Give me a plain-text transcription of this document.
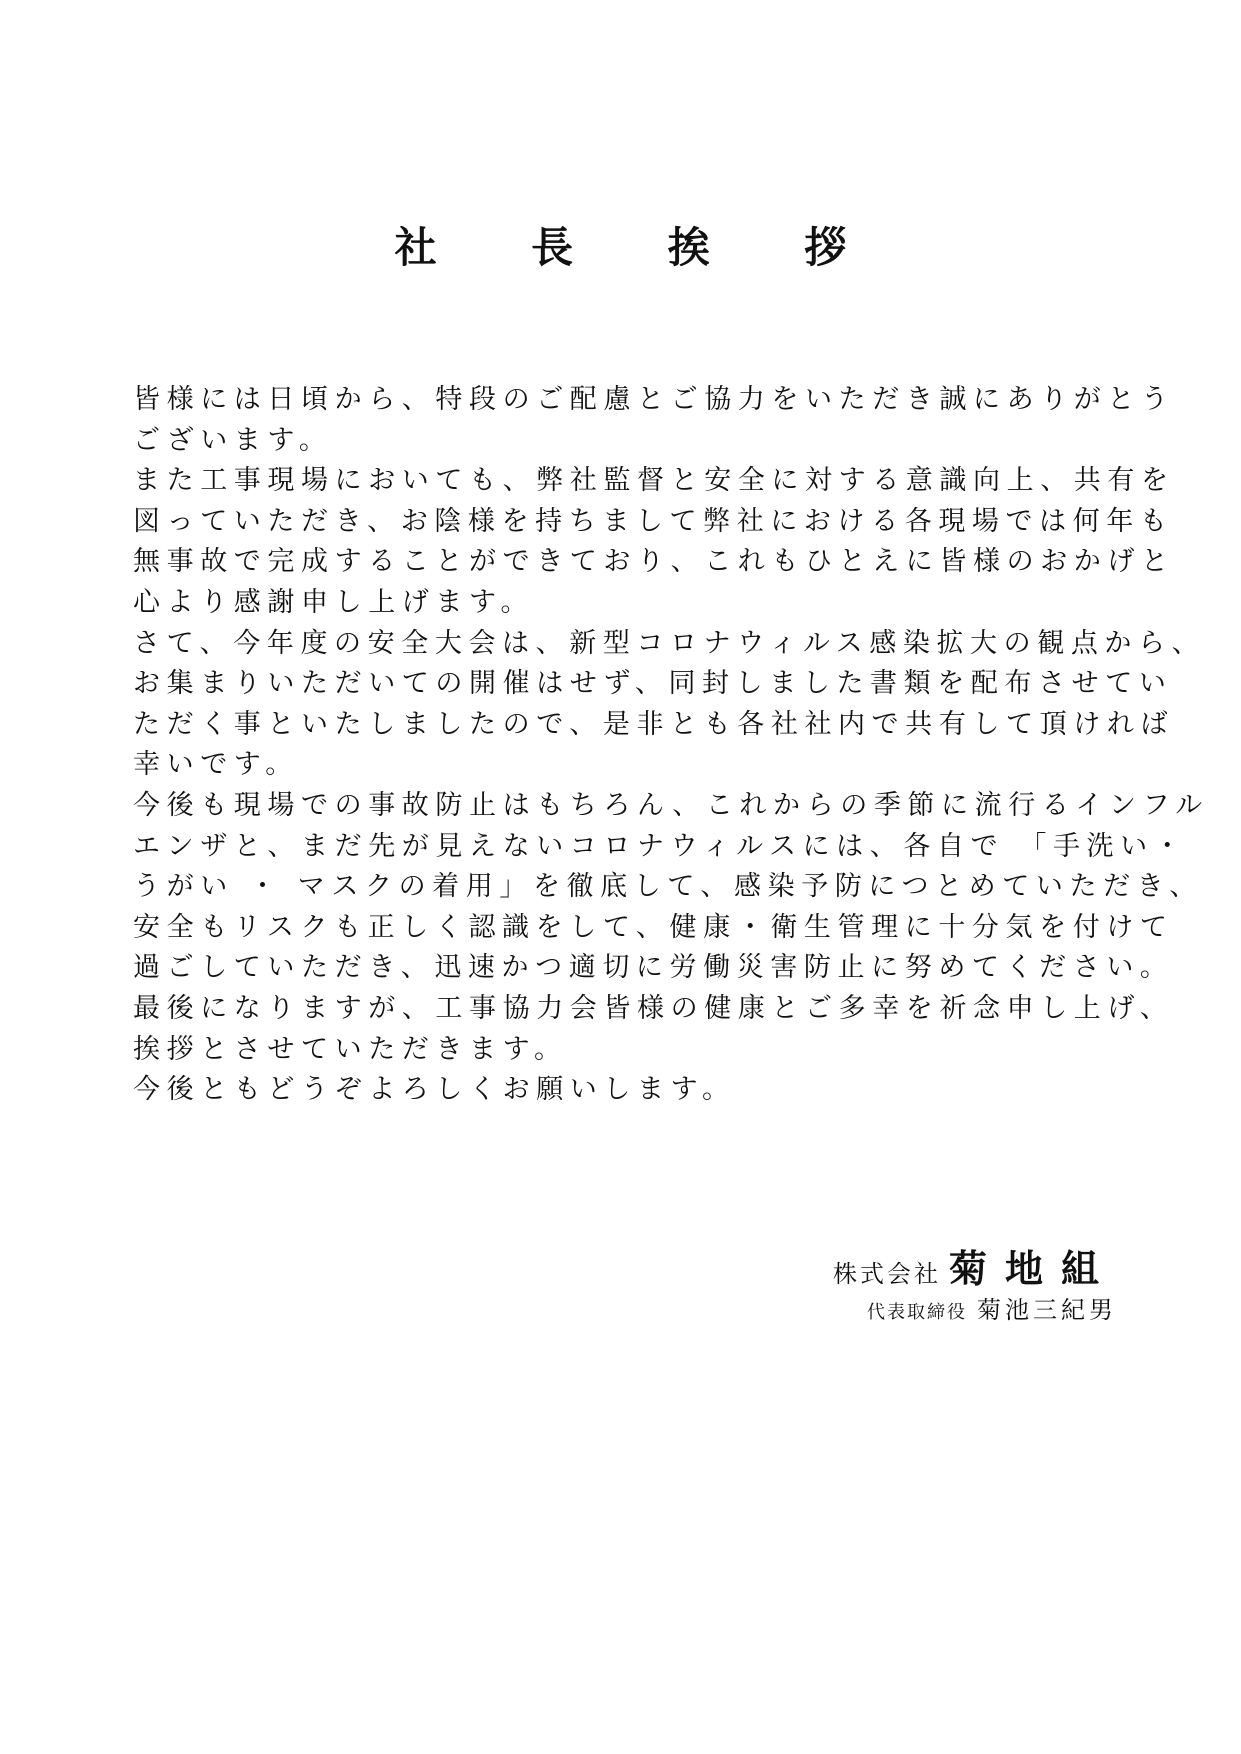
社 長 挨 拶
皆様には日頃から、特段のご配慮とご協力をいただき誠にありがとう
ございます。
また工事現場においても、弊社監督と安全に対する意識向上、共有を
図っていただき、お陰様を持ちまして弊社における各現場では何年も
無事故で完成することができており、これもひとえに皆様のおかげと
心より感謝申し上げます。
さて、今年度の安全大会は、新型コロナウィルス感染拡大の観点から、
お集まりいただいての開催はせず、同封しました書類を配布させてい
ただく事といたしましたので、是非とも各社社内で共有して頂ければ
幸いです。
今後も現場での事故防止はもちろん、これからの季節に流行るインフル
エンザと、まだ先が見えないコロナウィルスには、各自で 「手洗い・
うがい ・ マスクの着用」を徹底して、感染予防につとめていただき、
安全もリスクも正しく認識をして、健康・衛生管理に十分気を付けて
過ごしていただき、迅速かつ適切に労働災害防止に努めてください。
最後になりますが、工事協力会皆様の健康とご多幸を祈念申し上げ、
挨拶とさせていただきます。
今後ともどうぞよろしくお願いします。
株式会社 菊地組
代表取締役 菊池三紀男
